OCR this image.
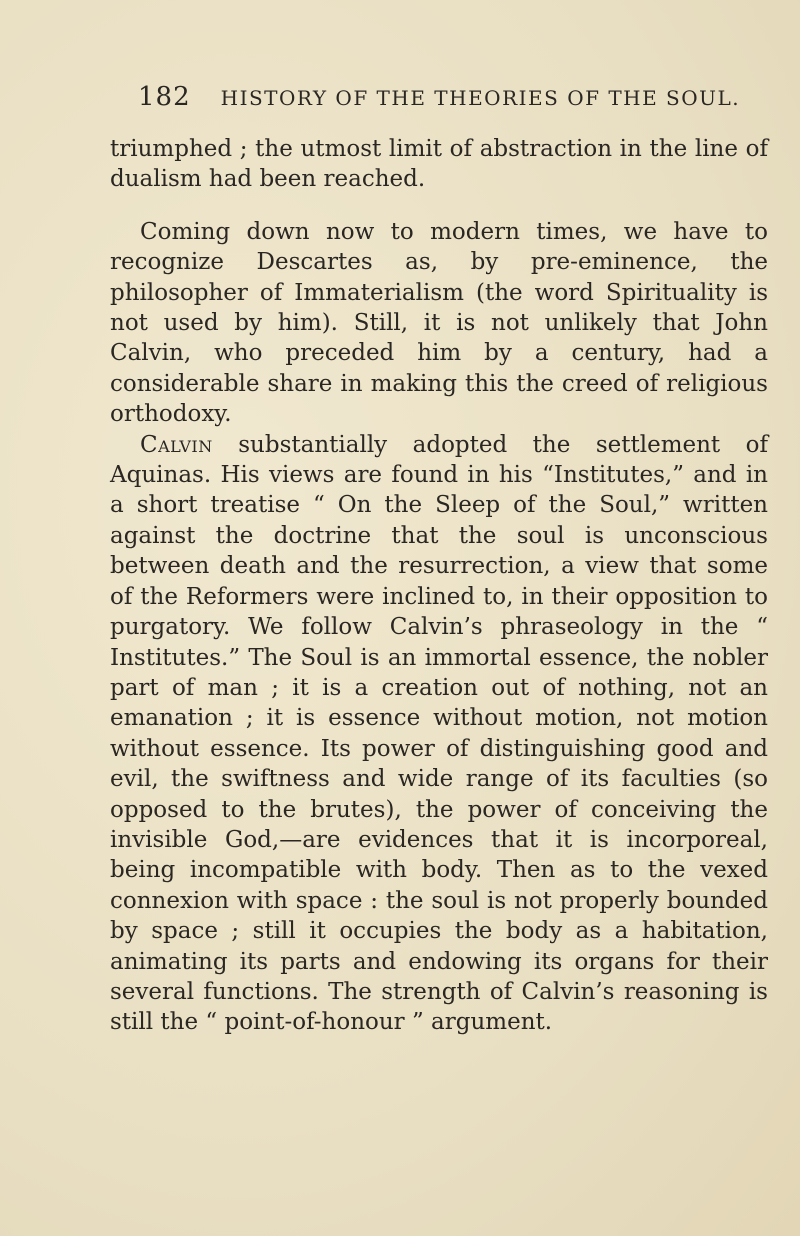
182 HISTORY OF THE THEORIES OF THE SOUL.

triumphed ; the utmost limit of abstraction in the line of dualism had been reached.

Coming down now to modern times, we have to recognize Descartes as, by pre-eminence, the philosopher of Immaterialism (the word Spirituality is not used by him). Still, it is not unlikely that John Calvin, who preceded him by a century, had a considerable share in making this the creed of religious orthodoxy.

Calvin substantially adopted the settlement of Aquinas. His views are found in his “Institutes,” and in a short treatise “ On the Sleep of the Soul,” written against the doctrine that the soul is unconscious between death and the resurrection, a view that some of the Reformers were inclined to, in their opposition to purgatory. We follow Calvin’s phraseology in the “ Institutes.” The Soul is an immortal essence, the nobler part of man ; it is a creation out of nothing, not an emanation ; it is essence without motion, not motion without essence. Its power of distinguishing good and evil, the swiftness and wide range of its faculties (so opposed to the brutes), the power of conceiving the invisible God,—are evidences that it is incorporeal, being incompatible with body. Then as to the vexed connexion with space : the soul is not properly bounded by space ; still it occupies the body as a habitation, animating its parts and endowing its organs for their several functions. The strength of Calvin’s reasoning is still the “ point-of-honour ” argument.
